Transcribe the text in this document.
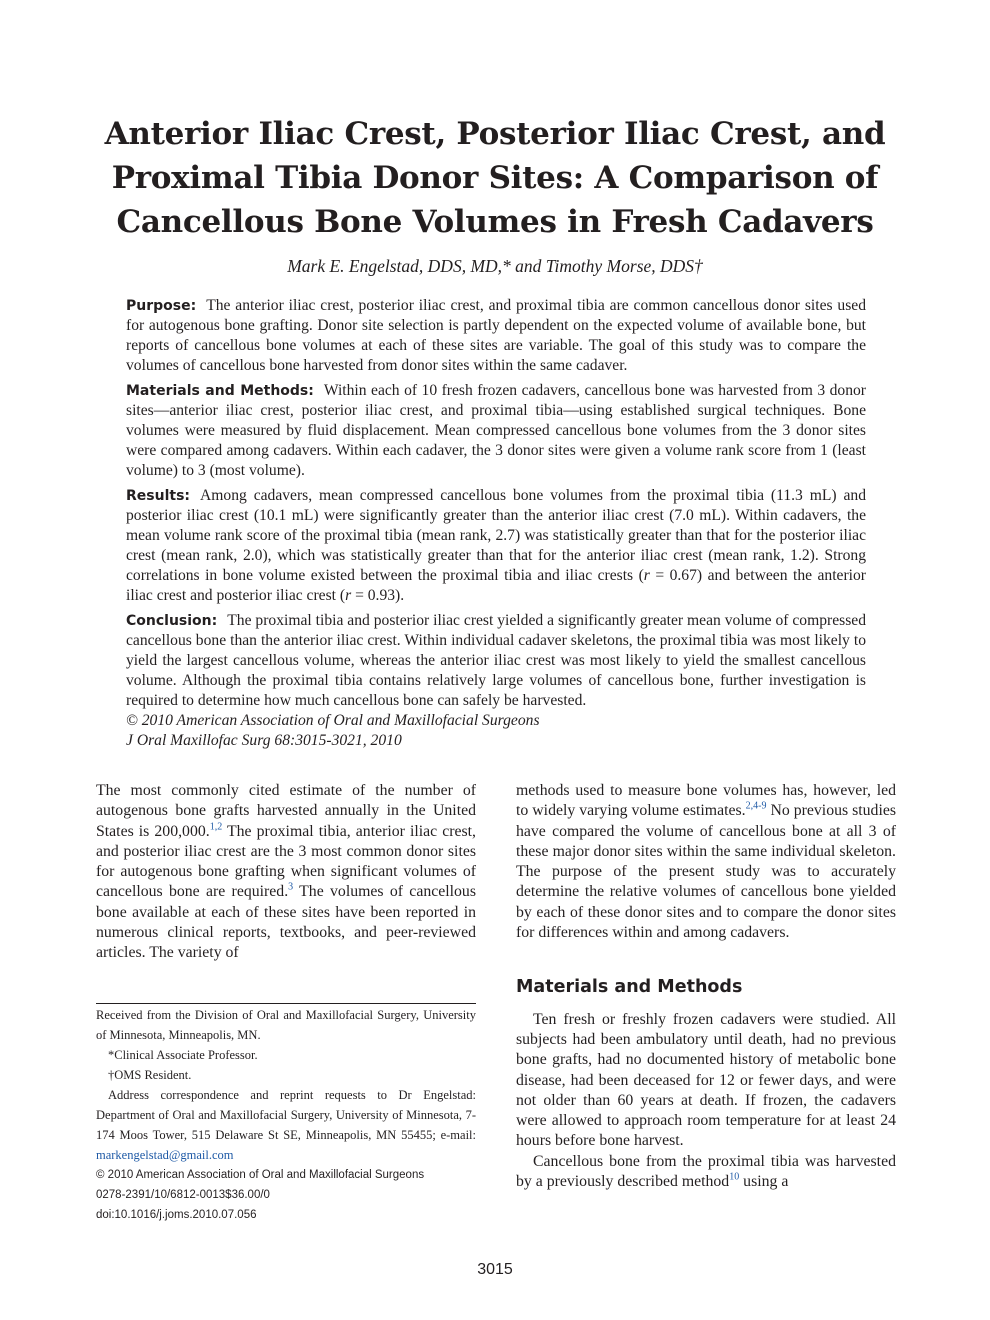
Anterior Iliac Crest, Posterior Iliac Crest, and
Proximal Tibia Donor Sites: A Comparison of
Cancellous Bone Volumes in Fresh Cadavers
Mark E. Engelstad, DDS, MD,* and Timothy Morse, DDS†

Purpose: The anterior iliac crest, posterior iliac crest, and proximal tibia are common cancellous donor sites used for autogenous bone grafting. Donor site selection is partly dependent on the expected volume of available bone, but reports of cancellous bone volumes at each of these sites are variable. The goal of this study was to compare the volumes of cancellous bone harvested from donor sites within the same cadaver.

Materials and Methods: Within each of 10 fresh frozen cadavers, cancellous bone was harvested from 3 donor sites—anterior iliac crest, posterior iliac crest, and proximal tibia—using established surgical techniques. Bone volumes were measured by fluid displacement. Mean compressed cancellous bone volumes from the 3 donor sites were compared among cadavers. Within each cadaver, the 3 donor sites were given a volume rank score from 1 (least volume) to 3 (most volume).

Results: Among cadavers, mean compressed cancellous bone volumes from the proximal tibia (11.3 mL) and posterior iliac crest (10.1 mL) were significantly greater than the anterior iliac crest (7.0 mL). Within cadavers, the mean volume rank score of the proximal tibia (mean rank, 2.7) was statistically greater than that for the posterior iliac crest (mean rank, 2.0), which was statistically greater than that for the anterior iliac crest (mean rank, 1.2). Strong correlations in bone volume existed between the proximal tibia and iliac crests (r = 0.67) and between the anterior iliac crest and posterior iliac crest (r = 0.93).

Conclusion: The proximal tibia and posterior iliac crest yielded a significantly greater mean volume of compressed cancellous bone than the anterior iliac crest. Within individual cadaver skeletons, the proximal tibia was most likely to yield the largest cancellous volume, whereas the anterior iliac crest was most likely to yield the smallest cancellous volume. Although the proximal tibia contains relatively large volumes of cancellous bone, further investigation is required to determine how much cancellous bone can safely be harvested.

© 2010 American Association of Oral and Maxillofacial Surgeons

J Oral Maxillofac Surg 68:3015-3021, 2010

The most commonly cited estimate of the number of autogenous bone grafts harvested annually in the United States is 200,000.$^{1,2}$ The proximal tibia, anterior iliac crest, and posterior iliac crest are the 3 most common donor sites for autogenous bone grafting when significant volumes of cancellous bone are required.$^3$ The volumes of cancellous bone available at each of these sites have been reported in numerous clinical reports, textbooks, and peer-reviewed articles. The variety of

Received from the Division of Oral and Maxillofacial Surgery, University of Minnesota, Minneapolis, MN.

*Clinical Associate Professor.

†OMS Resident.

Address correspondence and reprint requests to Dr Engelstad: Department of Oral and Maxillofacial Surgery, University of Minnesota, 7-174 Moos Tower, 515 Delaware St SE, Minneapolis, MN 55455; e-mail: markengelstad@gmail.com

© 2010 American Association of Oral and Maxillofacial Surgeons

0278-2391/10/6812-0013$36.00/0

doi:10.1016/j.joms.2010.07.056

methods used to measure bone volumes has, however, led to widely varying volume estimates.$^{2,4-9}$ No previous studies have compared the volume of cancellous bone at all 3 of these major donor sites within the same individual skeleton. The purpose of the present study was to accurately determine the relative volumes of cancellous bone yielded by each of these donor sites and to compare the donor sites for differences within and among cadavers.

Materials and Methods

Ten fresh or freshly frozen cadavers were studied. All subjects had been ambulatory until death, had no previous bone grafts, had no documented history of metabolic bone disease, had been deceased for 12 or fewer days, and were not older than 60 years at death. If frozen, the cadavers were allowed to approach room temperature for at least 24 hours before bone harvest.

Cancellous bone from the proximal tibia was harvested by a previously described method$^{10}$ using a

3015
